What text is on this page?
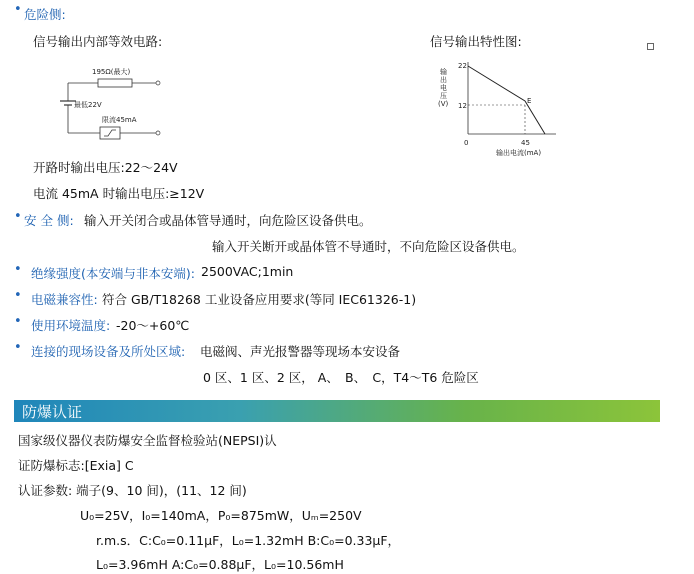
• 危险侧:
信号输出内部等效电路:	信号输出特性图:
195Ω(最大)
最低22V
限流45mA
输
出
电
压
(V)
22
12
E
0	45
输出电流(mA)
开路时输出电压:22～24V
电流 45mA 时输出电压:≥12V
• 安 全 侧: 输入开关闭合或晶体管导通时，向危险区设备供电。
输入开关断开或晶体管不导通时，不向危险区设备供电。
• 绝缘强度(本安端与非本安端): 2500VAC;1min
• 电磁兼容性: 符合 GB/T18268 工业设备应用要求(等同 IEC61326-1)
• 使用环境温度: -20～+60℃
• 连接的现场设备及所处区域: 电磁阀、声光报警器等现场本安设备
0 区、1 区、2 区， A、　B、　C，T4～T6 危险区
防爆认证
国家级仪器仪表防爆安全监督检验站(NEPSI)认
证防爆标志:[Exia] C
认证参数: 端子(9、10 间)，(11、12 间)
U₀=25V，I₀=140mA，P₀=875mW，Uₘ=250V
r.m.s．C:C₀=0.11μF，L₀=1.32mH B:C₀=0.33μF，
L₀=3.96mH A:C₀=0.88μF，L₀=10.56mH
